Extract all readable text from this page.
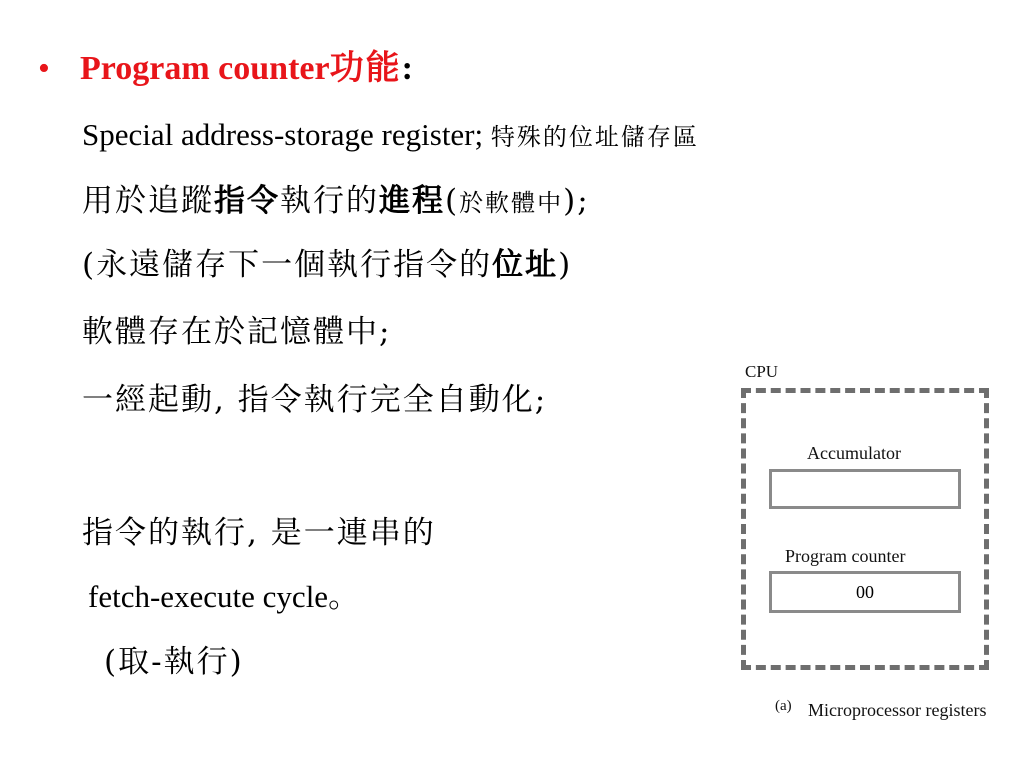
• Program counter功能:
Special address-storage register; 特殊的位址儲存區
用於追蹤指令執行的進程(於軟體中);
(永遠儲存下一個執行指令的位址)
軟體存在於記憶體中;
一經起動, 指令執行完全自動化;
指令的執行, 是一連串的
fetch-execute cycle。
(取-執行)
CPU
Accumulator
Program counter
00
(a) Microprocessor registers
